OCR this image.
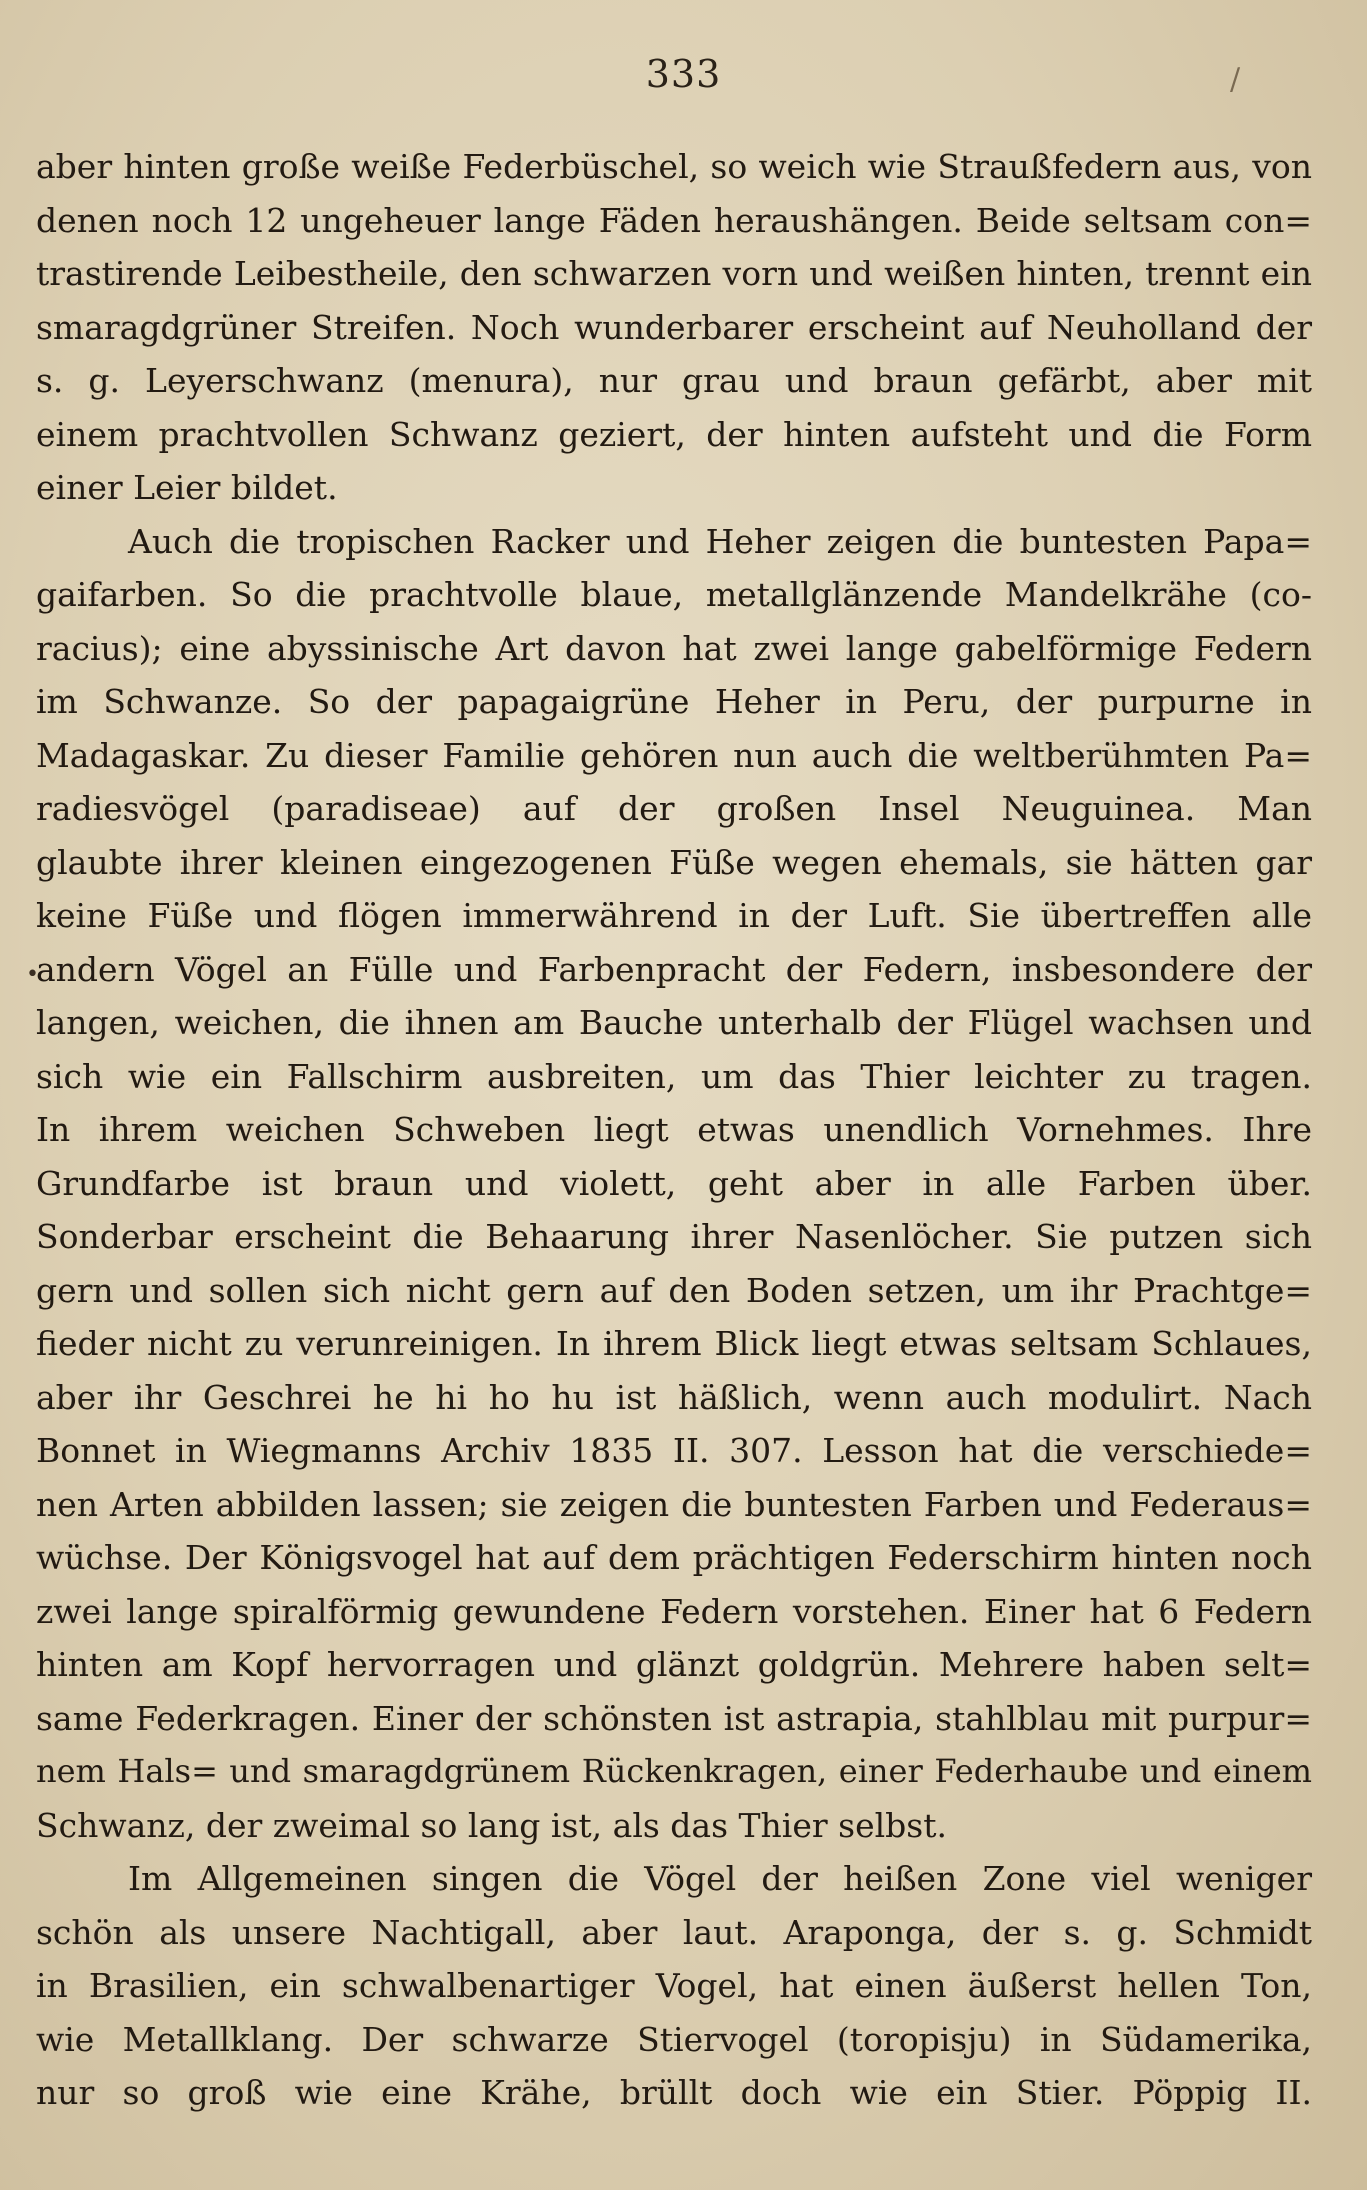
333	/
•
aber hinten große weiße Federbüschel, so weich wie Straußfedern aus, von
denen noch 12 ungeheuer lange Fäden heraushängen. Beide seltsam con=
trastirende Leibestheile, den schwarzen vorn und weißen hinten, trennt ein
smaragdgrüner Streifen. Noch wunderbarer erscheint auf Neuholland der
s. g. Leyerschwanz (menura), nur grau und braun gefärbt, aber mit
einem prachtvollen Schwanz geziert, der hinten aufsteht und die Form
einer Leier bildet.
Auch die tropischen Racker und Heher zeigen die buntesten Papa=
gaifarben. So die prachtvolle blaue, metallglänzende Mandelkrähe (co-
racius); eine abyssinische Art davon hat zwei lange gabelförmige Federn
im Schwanze. So der papagaigrüne Heher in Peru, der purpurne in
Madagaskar. Zu dieser Familie gehören nun auch die weltberühmten Pa=
radiesvögel (paradiseae) auf der großen Insel Neuguinea. Man
glaubte ihrer kleinen eingezogenen Füße wegen ehemals, sie hätten gar
keine Füße und flögen immerwährend in der Luft. Sie übertreffen alle
andern Vögel an Fülle und Farbenpracht der Federn, insbesondere der
langen, weichen, die ihnen am Bauche unterhalb der Flügel wachsen und
sich wie ein Fallschirm ausbreiten, um das Thier leichter zu tragen.
In ihrem weichen Schweben liegt etwas unendlich Vornehmes. Ihre
Grundfarbe ist braun und violett, geht aber in alle Farben über.
Sonderbar erscheint die Behaarung ihrer Nasenlöcher. Sie putzen sich
gern und sollen sich nicht gern auf den Boden setzen, um ihr Prachtge=
fieder nicht zu verunreinigen. In ihrem Blick liegt etwas seltsam Schlaues,
aber ihr Geschrei he hi ho hu ist häßlich, wenn auch modulirt. Nach
Bonnet in Wiegmanns Archiv 1835 II. 307. Lesson hat die verschiede=
nen Arten abbilden lassen; sie zeigen die buntesten Farben und Federaus=
wüchse. Der Königsvogel hat auf dem prächtigen Federschirm hinten noch
zwei lange spiralförmig gewundene Federn vorstehen. Einer hat 6 Federn
hinten am Kopf hervorragen und glänzt goldgrün. Mehrere haben selt=
same Federkragen. Einer der schönsten ist astrapia, stahlblau mit purpur=
nem Hals= und smaragdgrünem Rückenkragen, einer Federhaube und einem
Schwanz, der zweimal so lang ist, als das Thier selbst.
Im Allgemeinen singen die Vögel der heißen Zone viel weniger
schön als unsere Nachtigall, aber laut. Araponga, der s. g. Schmidt
in Brasilien, ein schwalbenartiger Vogel, hat einen äußerst hellen Ton,
wie Metallklang. Der schwarze Stiervogel (toropisju) in Südamerika,
nur so groß wie eine Krähe, brüllt doch wie ein Stier. Pöppig II.
